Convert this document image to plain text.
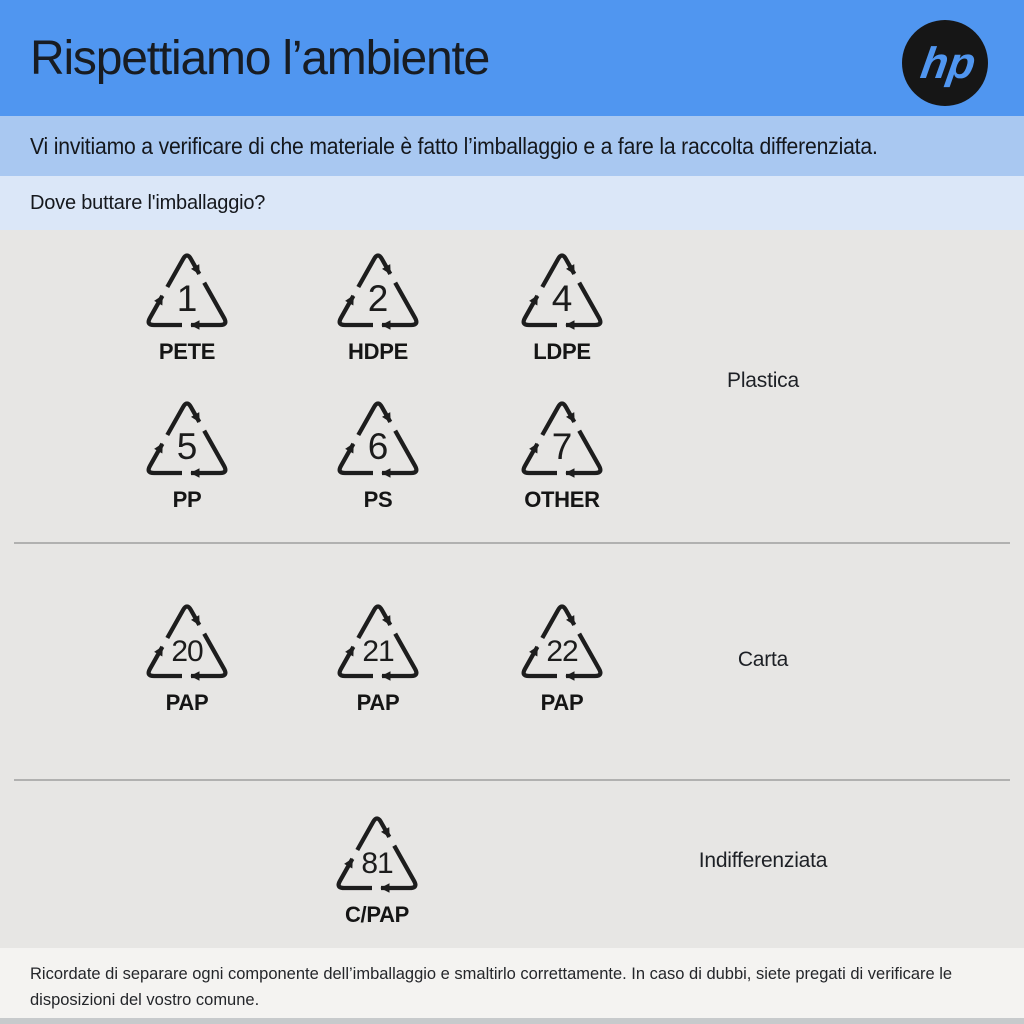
Rispettiamo l’ambiente	hp
Vi invitiamo a verificare di che materiale è fatto l’imballaggio e a fare la raccolta differenziata.
Dove buttare l'imballaggio?
1
PETE
2
HDPE
4
LDPE
5
PP
6
PS
7
OTHER
Plastica
20
PAP
21
PAP
22
PAP
Carta
81
C/PAP
Indifferenziata
Ricordate di separare ogni componente dell’imballaggio e smaltirlo correttamente. In caso di dubbi, siete pregati di verificare le
disposizioni del vostro comune.
